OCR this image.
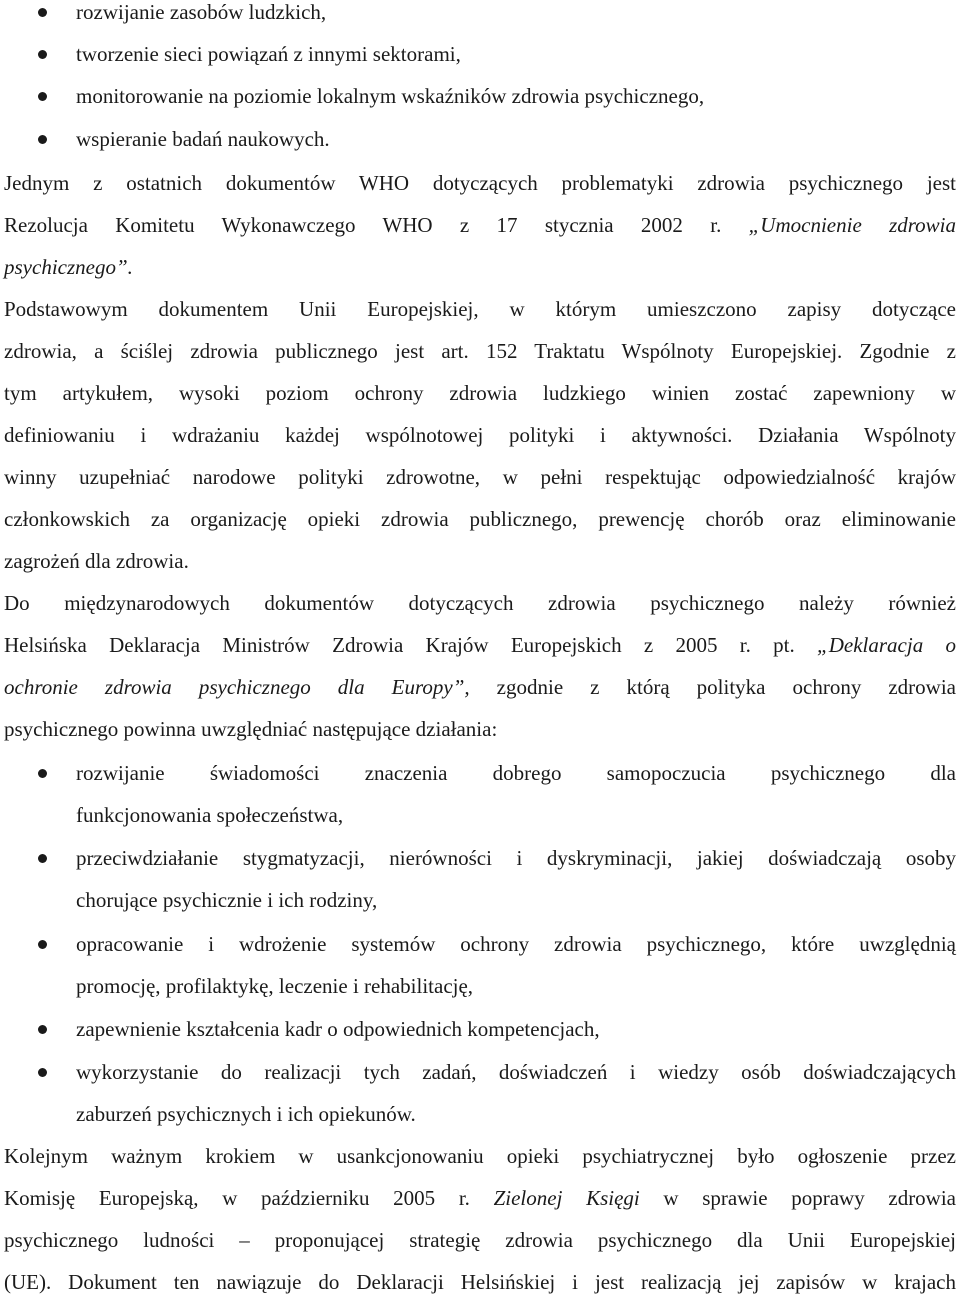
rozwijanie zasobów ludzkich,
tworzenie sieci powiązań z innymi sektorami,
monitorowanie na poziomie lokalnym wskaźników zdrowia psychicznego,
wspieranie badań naukowych.
Jednym z ostatnich dokumentów WHO dotyczących problematyki zdrowia psychicznego jest
Rezolucja Komitetu Wykonawczego WHO z 17 stycznia 2002 r. „Umocnienie zdrowia
psychicznego”.
Podstawowym dokumentem Unii Europejskiej, w którym umieszczono zapisy dotyczące
zdrowia, a ściślej zdrowia publicznego jest art. 152 Traktatu Wspólnoty Europejskiej. Zgodnie z
tym artykułem, wysoki poziom ochrony zdrowia ludzkiego winien zostać zapewniony w
definiowaniu i wdrażaniu każdej wspólnotowej polityki i aktywności. Działania Wspólnoty
winny uzupełniać narodowe polityki zdrowotne, w pełni respektując odpowiedzialność krajów
członkowskich za organizację opieki zdrowia publicznego, prewencję chorób oraz eliminowanie
zagrożeń dla zdrowia.
Do międzynarodowych dokumentów dotyczących zdrowia psychicznego należy również
Helsińska Deklaracja Ministrów Zdrowia Krajów Europejskich z 2005 r. pt. „Deklaracja o
ochronie zdrowia psychicznego dla Europy”, zgodnie z którą polityka ochrony zdrowia
psychicznego powinna uwzględniać następujące działania:
rozwijanie świadomości znaczenia dobrego samopoczucia psychicznego dla
funkcjonowania społeczeństwa,
przeciwdziałanie stygmatyzacji, nierówności i dyskryminacji, jakiej doświadczają osoby
chorujące psychicznie i ich rodziny,
opracowanie i wdrożenie systemów ochrony zdrowia psychicznego, które uwzględnią
promocję, profilaktykę, leczenie i rehabilitację,
zapewnienie kształcenia kadr o odpowiednich kompetencjach,
wykorzystanie do realizacji tych zadań, doświadczeń i wiedzy osób doświadczających
zaburzeń psychicznych i ich opiekunów.
Kolejnym ważnym krokiem w usankcjonowaniu opieki psychiatrycznej było ogłoszenie przez
Komisję Europejską, w październiku 2005 r. Zielonej Księgi w sprawie poprawy zdrowia
psychicznego ludności – proponującej strategię zdrowia psychicznego dla Unii Europejskiej
(UE). Dokument ten nawiązuje do Deklaracji Helsińskiej i jest realizacją jej zapisów w krajach
